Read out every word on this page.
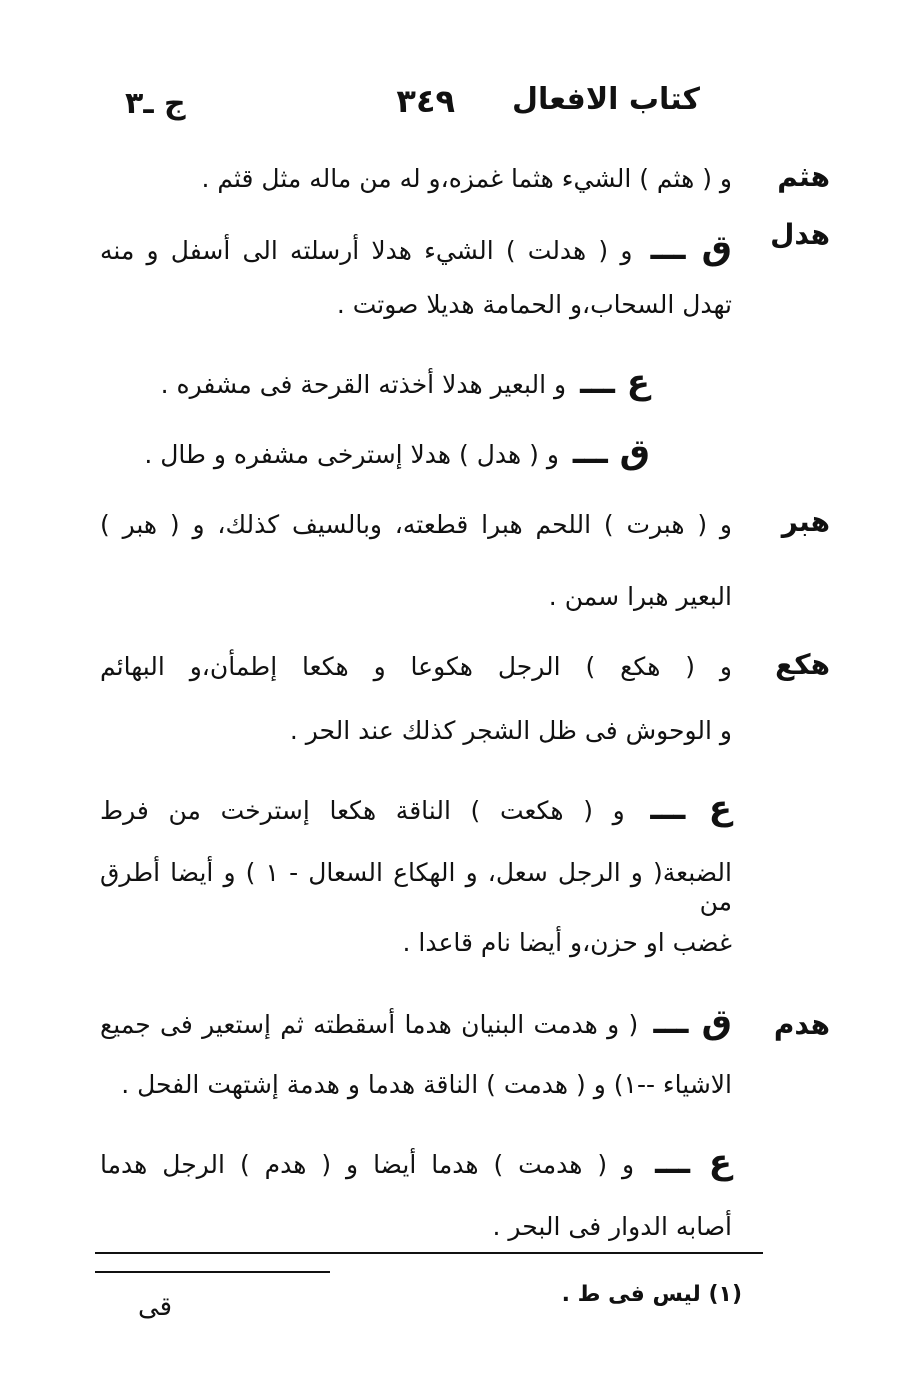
كتاب الافعال
٣٤٩
ج ـ٣
هثم
هدل
هبر
هكع
هدم
و ( هثم ) الشيء هثما غمزه،و له من ماله مثل قثم .
ق ـــ و ( هدلت ) الشيء هدلا أرسلته الى أسفل و منه
تهدل السحاب،و الحمامة هديلا صوتت .
ع ـــ و البعير هدلا أخذته القرحة فى مشفره .
ق ـــ و ( هدل ) هدلا إسترخى مشفره و طال .
و ( هبرت ) اللحم هبرا قطعته، وبالسيف كذلك، و ( هبر )
البعير هبرا سمن .
و ( هكع ) الرجل هكوعا و هكعا إطمأن،و البهائم
و الوحوش فى ظل الشجر كذلك عند الحر .
ع ـــ و ( هكعت ) الناقة هكعا إسترخت من فرط
الضبعة( و الرجل سعل، و الهكاع السعال - ١ ) و أيضا أطرق من
غضب او حزن،و أيضا نام قاعدا .
ق ـــ ( و هدمت البنيان هدما أسقطته ثم إستعير فى جميع
الاشياء --١) و ( هدمت ) الناقة هدما و هدمة إشتهت الفحل .
ع ـــ و ( هدمت ) هدما أيضا و ( هدم ) الرجل هدما
أصابه الدوار فى البحر .
(١) ليس فى ط .
قى
